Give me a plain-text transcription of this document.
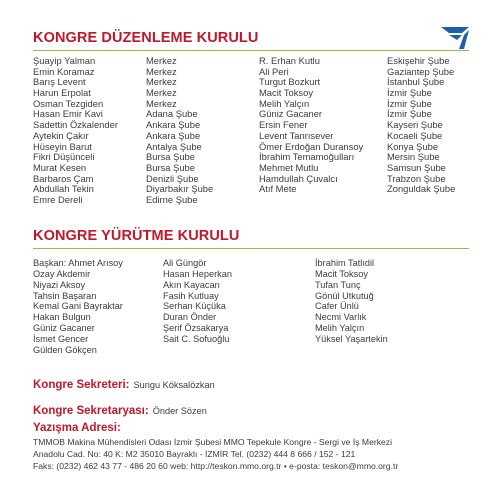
KONGRE DÜZENLEME KURULU
Şuayip Yalman
Emin Koramaz
Barış Levent
Harun Erpolat
Osman Tezgiden
Hasan Emir Kavi
Sadettin Özkalender
Aytekin Çakır
Hüseyin Barut
Fikri Düşünceli
Murat Kesen
Barbaros Çam
Abdullah Tekin
Emre Dereli
Merkez
Merkez
Merkez
Merkez
Merkez
Adana Şube
Ankara Şube
Ankara Şube
Antalya Şube
Bursa Şube
Bursa Şube
Denizli Şube
Diyarbakır Şube
Edirne Şube
R. Erhan Kutlu
Ali Peri
Turgut Bozkurt
Macit Toksoy
Melih Yalçın
Güniz Gacaner
Ersin Fener
Levent Tanrısever
Ömer Erdoğan Duransoy
İbrahim Temamoğulları
Mehmet Mutlu
Hamdullah Çuvalcı
Atıf Mete
Eskişehir Şube
Gaziantep Şube
İstanbul Şube
İzmir Şube
İzmir Şube
İzmir Şube
Kayseri Şube
Kocaeli Şube
Konya Şube
Mersin Şube
Samsun Şube
Trabzon Şube
Zonguldak Şube
KONGRE YÜRÜTME KURULU
Başkan: Ahmet Arısoy
Ozay Akdemir
Niyazi Aksoy
Tahsin Başaran
Kemal Gani Bayraktar
Hakan Bulgun
Güniz Gacaner
İsmet Gencer
Gülden Gökçen
Ali Güngör
Hasan Heperkan
Akın Kayacan
Fasih Kutluay
Serhan Küçüka
Duran Önder
Şerif Özsakarya
Sait C. Sofuoğlu
İbrahim Tatlıdil
Macit Toksoy
Tufan Tunç
Gönül Utkutuğ
Cafer Ünlü
Necmi Varlık
Melih Yalçın
Yüksel Yaşartekin
Kongre Sekreteri: Sungu Köksalözkan
Kongre Sekretaryası: Önder Sözen
Yazışma Adresi:
TMMOB Makina Mühendisleri Odası İzmir Şubesi MMO Tepekule Kongre - Sergi ve İş Merkezi
Anadolu Cad. No: 40 K: M2 35010 Bayraklı - İZMİR Tel. (0232) 444 8 666 / 152 - 121
Faks: (0232) 462 43 77 - 486 20 60 web: http://teskon.mmo.org.tr • e-posta: teskon@mmo.org.tr
